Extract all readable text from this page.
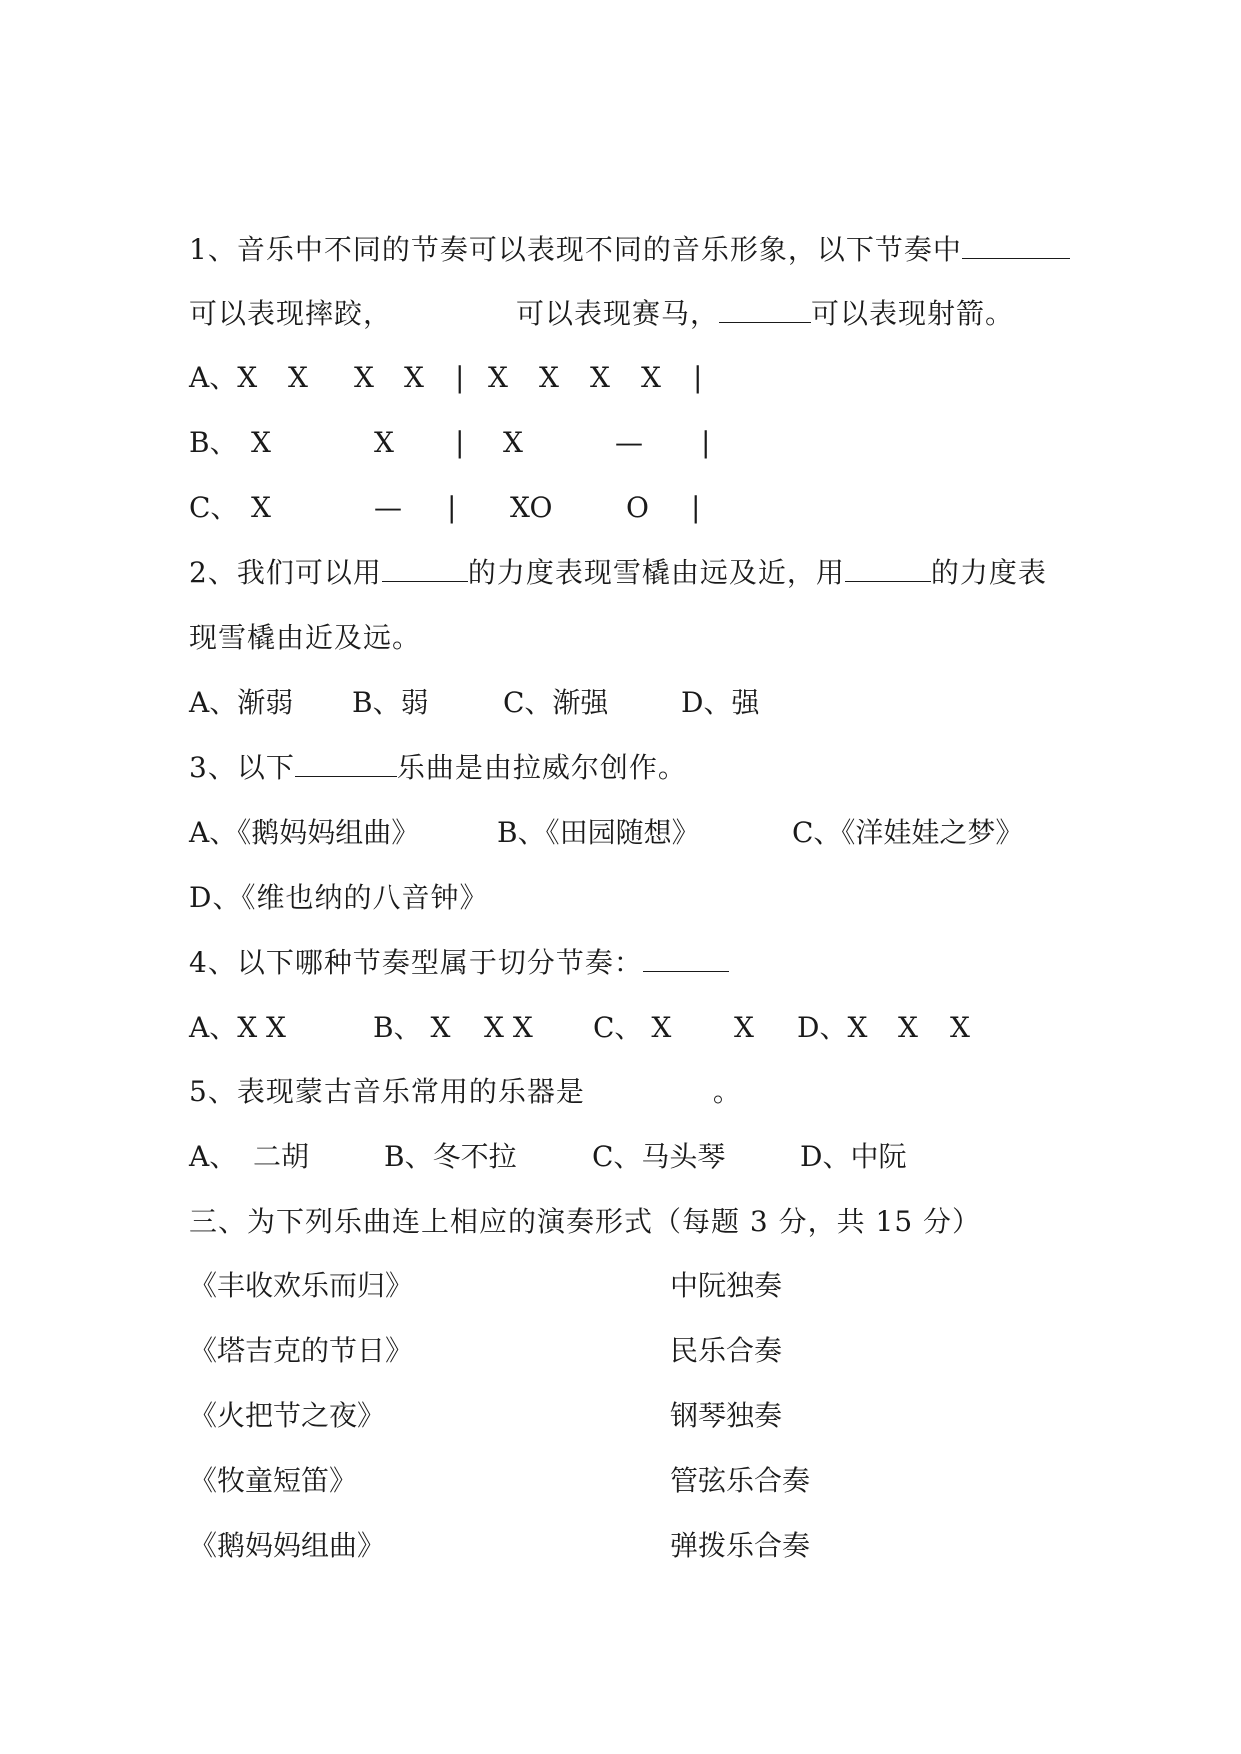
1、音乐中不同的节奏可以表现不同的音乐形象，以下节奏中
可以表现摔跤，	可以表现赛马，	可以表现射箭。
A、X X X X | X X X X |
B、 X	X | X	— |
C、 X	— | XO	O |
2、我们可以用	的力度表现雪橇由远及近，用	的力度表
现雪橇由近及远。
A、渐弱 B、弱	C、渐强	D、强
3、以下	乐曲是由拉威尔创作。
A、《鹅妈妈组曲》	B、《田园随想》	C、《洋娃娃之梦》
D、《维也纳的八音钟》
4、以下哪种节奏型属于切分节奏：
A、X X	B、 X X X C、 X X D、X X X
5、表现蒙古音乐常用的乐器是	。
A、 二胡	B、冬不拉	C、马头琴	D、中阮
三、为下列乐曲连上相应的演奏形式（每题 3 分，共 15 分）
《丰收欢乐而归》	中阮独奏
《塔吉克的节日》	民乐合奏
《火把节之夜》	钢琴独奏
《牧童短笛》	管弦乐合奏
《鹅妈妈组曲》	弹拨乐合奏
